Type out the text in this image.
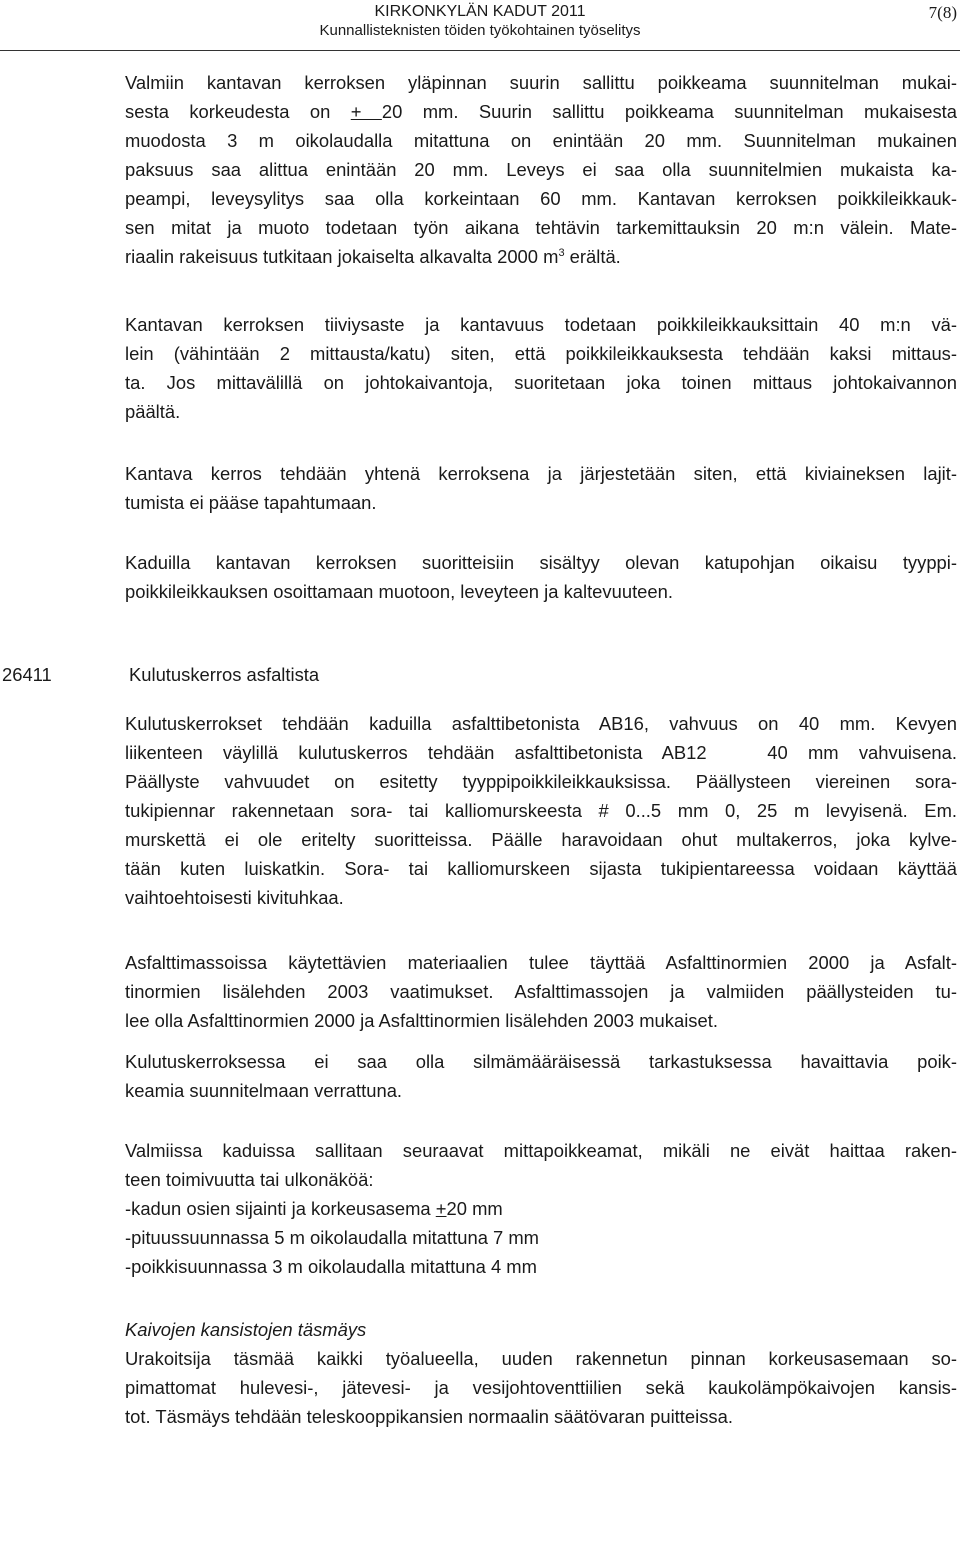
KIRKONKYLÄN KADUT 2011
Kunnallisteknisten töiden työkohtainen työselitys
7(8)
Valmiin kantavan kerroksen yläpinnan suurin sallittu poikkeama suunnitelman mukai-
sesta korkeudesta on + 20 mm. Suurin sallittu poikkeama suunnitelman mukaisesta
muodosta 3 m oikolaudalla mitattuna on enintään 20 mm. Suunnitelman mukainen
paksuus saa alittua enintään 20 mm. Leveys ei saa olla suunnitelmien mukaista ka-
peampi, leveysylitys saa olla korkeintaan 60 mm. Kantavan kerroksen poikkileikkauk-
sen mitat ja muoto todetaan työn aikana tehtävin tarkemittauksin 20 m:n välein. Mate-
riaalin rakeisuus tutkitaan jokaiselta alkavalta 2000 $m^3$ erältä.
Kantavan kerroksen tiiviysaste ja kantavuus todetaan poikkileikkauksittain 40 m:n vä-
lein (vähintään 2 mittausta/katu) siten, että poikkileikkauksesta tehdään kaksi mittaus-
ta. Jos mittavälillä on johtokaivantoja, suoritetaan joka toinen mittaus johtokaivannon
päältä.
Kantava kerros tehdään yhtenä kerroksena ja järjestetään siten, että kiviaineksen lajit-
tumista ei pääse tapahtumaan.
Kaduilla kantavan kerroksen suoritteisiin sisältyy olevan katupohjan oikaisu tyyppi-
poikkileikkauksen osoittamaan muotoon, leveyteen ja kaltevuuteen.
26411	Kulutuskerros asfaltista
Kulutuskerrokset tehdään kaduilla asfalttibetonista AB16, vahvuus on 40 mm. Kevyen
liikenteen väylillä kulutuskerros tehdään asfalttibetonista AB12   40 mm vahvuisena.
Päällyste vahvuudet on esitetty tyyppipoikkileikkauksissa. Päällysteen viereinen sora-
tukipiennar rakennetaan sora- tai kalliomurskeesta # 0...5 mm 0, 25 m levyisenä. Em.
murskettä ei ole eritelty suoritteissa. Päälle haravoidaan ohut multakerros, joka kylve-
tään kuten luiskatkin. Sora- tai kalliomurskeen sijasta tukipientareessa voidaan käyttää
vaihtoehtoisesti kivituhkaa.
Asfalttimassoissa käytettävien materiaalien tulee täyttää Asfalttinormien 2000 ja Asfalt-
tinormien lisälehden 2003 vaatimukset. Asfalttimassojen ja valmiiden päällysteiden tu-
lee olla Asfalttinormien 2000 ja Asfalttinormien lisälehden 2003 mukaiset.
Kulutuskerroksessa ei saa olla silmämääräisessä tarkastuksessa havaittavia poik-
keamia suunnitelmaan verrattuna.
Valmiissa kaduissa sallitaan seuraavat mittapoikkeamat, mikäli ne eivät haittaa raken-
teen toimivuutta tai ulkonäköä:
-kadun osien sijainti ja korkeusasema +20 mm
-pituussuunnassa 5 m oikolaudalla mitattuna 7 mm
-poikkisuunnassa 3 m oikolaudalla mitattuna 4 mm
Kaivojen kansistojen täsmäys
Urakoitsija täsmää kaikki työalueella, uuden rakennetun pinnan korkeusasemaan so-
pimattomat hulevesi-, jätevesi- ja vesijohtoventtiilien sekä kaukolämpökaivojen kansis-
tot. Täsmäys tehdään teleskooppikansien normaalin säätövaran puitteissa.
